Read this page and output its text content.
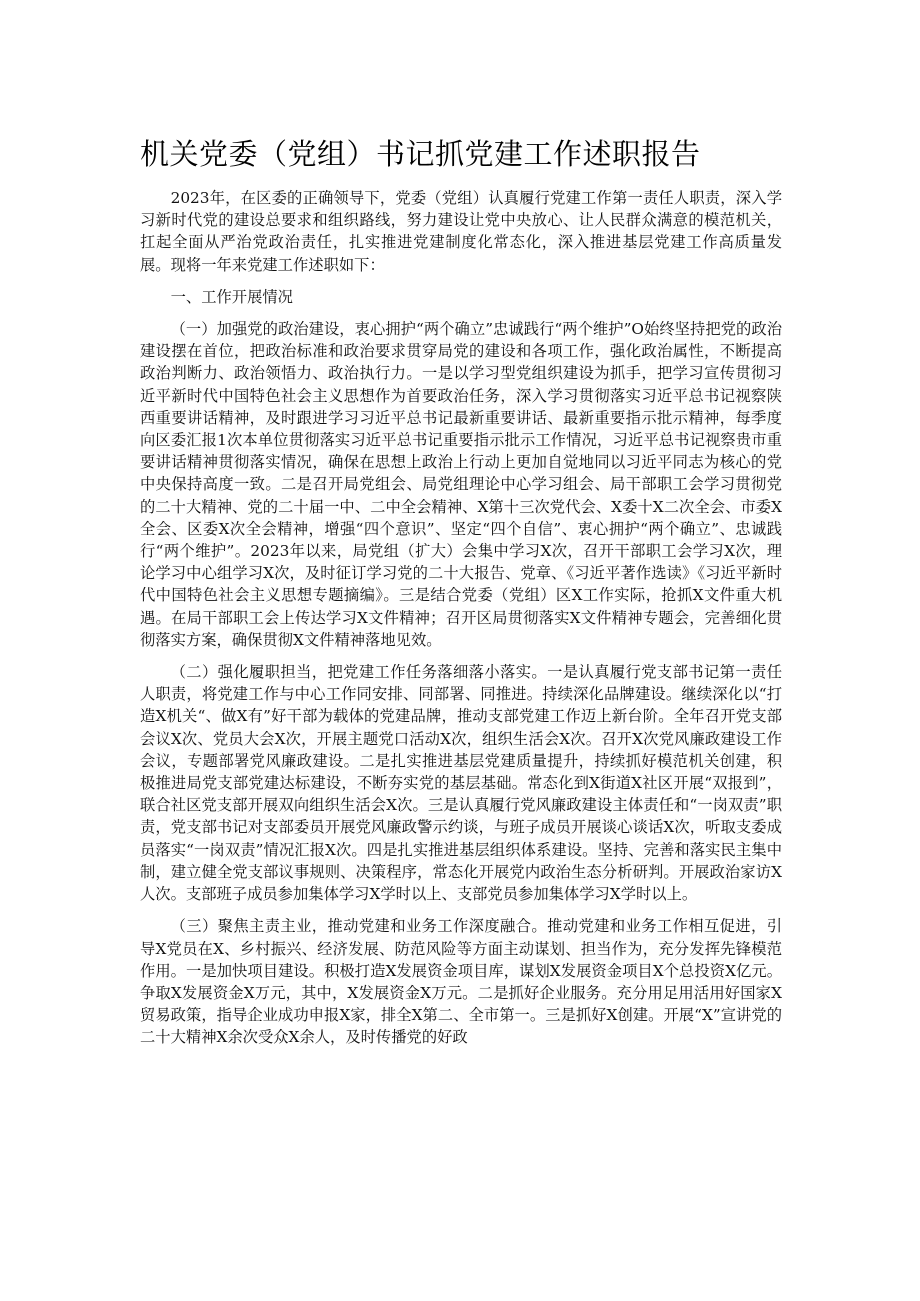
机关党委（党组）书记抓党建工作述职报告

2023年，在区委的正确领导下，党委（党组）认真履行党建工作第一责任人职责，深入学习新时代党的建设总要求和组织路线，努力建设让党中央放心、让人民群众满意的模范机关，扛起全面从严治党政治责任，扎实推进党建制度化常态化，深入推进基层党建工作高质量发展。现将一年来党建工作述职如下：

一、工作开展情况

（一）加强党的政治建设，衷心拥护“两个确立”忠诚践行“两个维护”O始终坚持把党的政治建设摆在首位，把政治标准和政治要求贯穿局党的建设和各项工作，强化政治属性，不断提高政治判断力、政治领悟力、政治执行力。一是以学习型党组织建设为抓手，把学习宣传贯彻习近平新时代中国特色社会主义思想作为首要政治任务，深入学习贯彻落实习近平总书记视察陕西重要讲话精神，及时跟进学习习近平总书记最新重要讲话、最新重要指示批示精神，每季度向区委汇报1次本单位贯彻落实习近平总书记重要指示批示工作情况，习近平总书记视察贵市重要讲话精神贯彻落实情况，确保在思想上政治上行动上更加自觉地同以习近平同志为核心的党中央保持高度一致。二是召开局党组会、局党组理论中心学习组会、局干部职工会学习贯彻党的二十大精神、党的二十届一中、二中全会精神、X第十三次党代会、X委十X二次全会、市委X全会、区委X次全会精神，增强“四个意识”、坚定“四个自信”、衷心拥护“两个确立”、忠诚践行“两个维护”。2023年以来，局党组（扩大）会集中学习X次，召开干部职工会学习X次，理论学习中心组学习X次，及时征订学习党的二十大报告、党章、《习近平著作选读》《习近平新时代中国特色社会主义思想专题摘编》。三是结合党委（党组）区X工作实际，抢抓X文件重大机遇。在局干部职工会上传达学习X文件精神；召开区局贯彻落实X文件精神专题会，完善细化贯彻落实方案，确保贯彻X文件精神落地见效。

（二）强化履职担当，把党建工作任务落细落小落实。一是认真履行党支部书记第一责任人职责，将党建工作与中心工作同安排、同部署、同推进。持续深化品牌建设。继续深化以“打造X机关“、做X有”好干部为载体的党建品牌，推动支部党建工作迈上新台阶。全年召开党支部会议X次、党员大会X次，开展主题党口活动X次，组织生活会X次。召开X次党风廉政建设工作会议，专题部署党风廉政建设。二是扎实推进基层党建质量提升，持续抓好模范机关创建，积极推进局党支部党建达标建设，不断夯实党的基层基础。常态化到X街道X社区开展“双报到”，联合社区党支部开展双向组织生活会X次。三是认真履行党风廉政建设主体责任和“一岗双责”职责，党支部书记对支部委员开展党风廉政警示约谈，与班子成员开展谈心谈话X次，听取支委成员落实“一岗双责”情况汇报X次。四是扎实推进基层组织体系建设。坚持、完善和落实民主集中制，建立健全党支部议事规则、决策程序，常态化开展党内政治生态分析研判。开展政治家访X人次。支部班子成员参加集体学习X学时以上、支部党员参加集体学习X学时以上。

（三）聚焦主责主业，推动党建和业务工作深度融合。推动党建和业务工作相互促进，引导X党员在X、乡村振兴、经济发展、防范风险等方面主动谋划、担当作为，充分发挥先锋模范作用。一是加快项目建设。积极打造X发展资金项目库，谋划X发展资金项目X个总投资X亿元。争取X发展资金X万元，其中，X发展资金X万元。二是抓好企业服务。充分用足用活用好国家X贸易政策，指导企业成功申报X家，排全X第二、全市第一。三是抓好X创建。开展“X”宣讲党的二十大精神X余次受众X余人，及时传播党的好政
